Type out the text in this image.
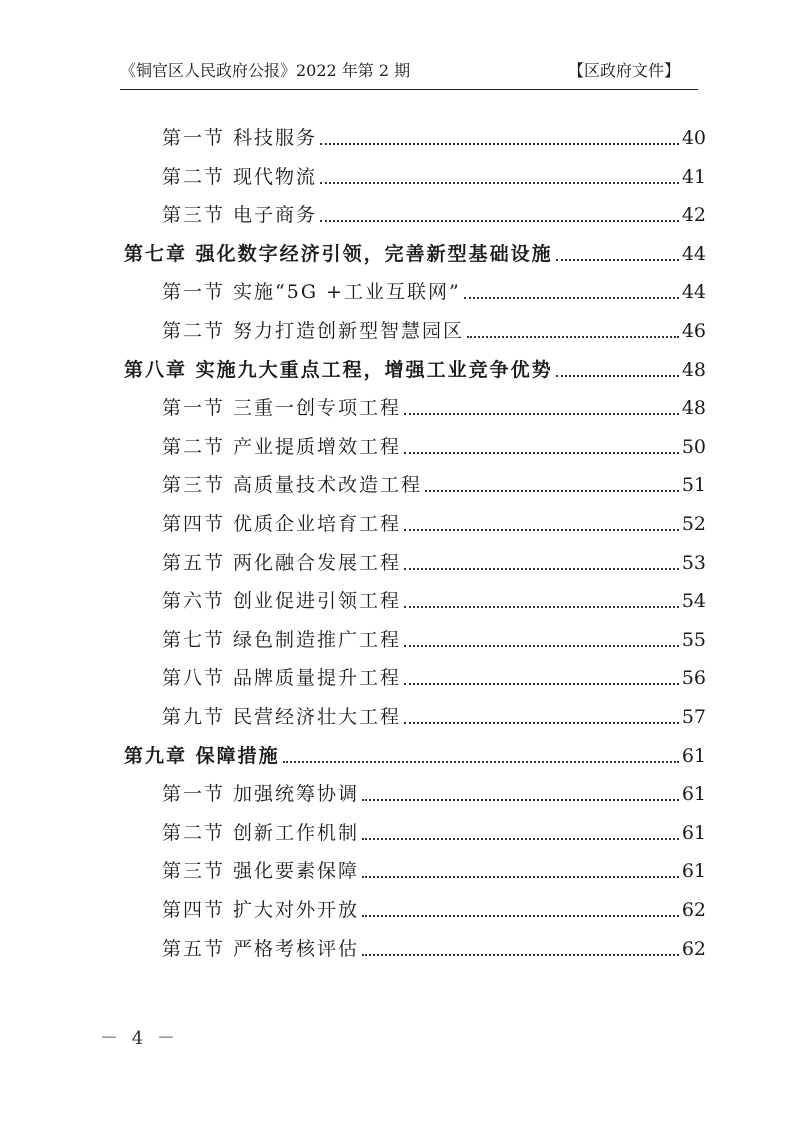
《铜官区人民政府公报》2022 年第 2 期	【区政府文件】
第一节 科技服务	40
第二节 现代物流	41
第三节 电子商务	42
第七章 强化数字经济引领，完善新型基础设施	44
第一节 实施“5G +工业互联网”	44
第二节 努力打造创新型智慧园区	46
第八章 实施九大重点工程，增强工业竞争优势	48
第一节 三重一创专项工程	48
第二节 产业提质增效工程	50
第三节 高质量技术改造工程	51
第四节 优质企业培育工程	52
第五节 两化融合发展工程	53
第六节 创业促进引领工程	54
第七节 绿色制造推广工程	55
第八节 品牌质量提升工程	56
第九节 民营经济壮大工程	57
第九章 保障措施	61
第一节 加强统筹协调	61
第二节 创新工作机制	61
第三节 强化要素保障	61
第四节 扩大对外开放	62
第五节 严格考核评估	62
－ 4 －
